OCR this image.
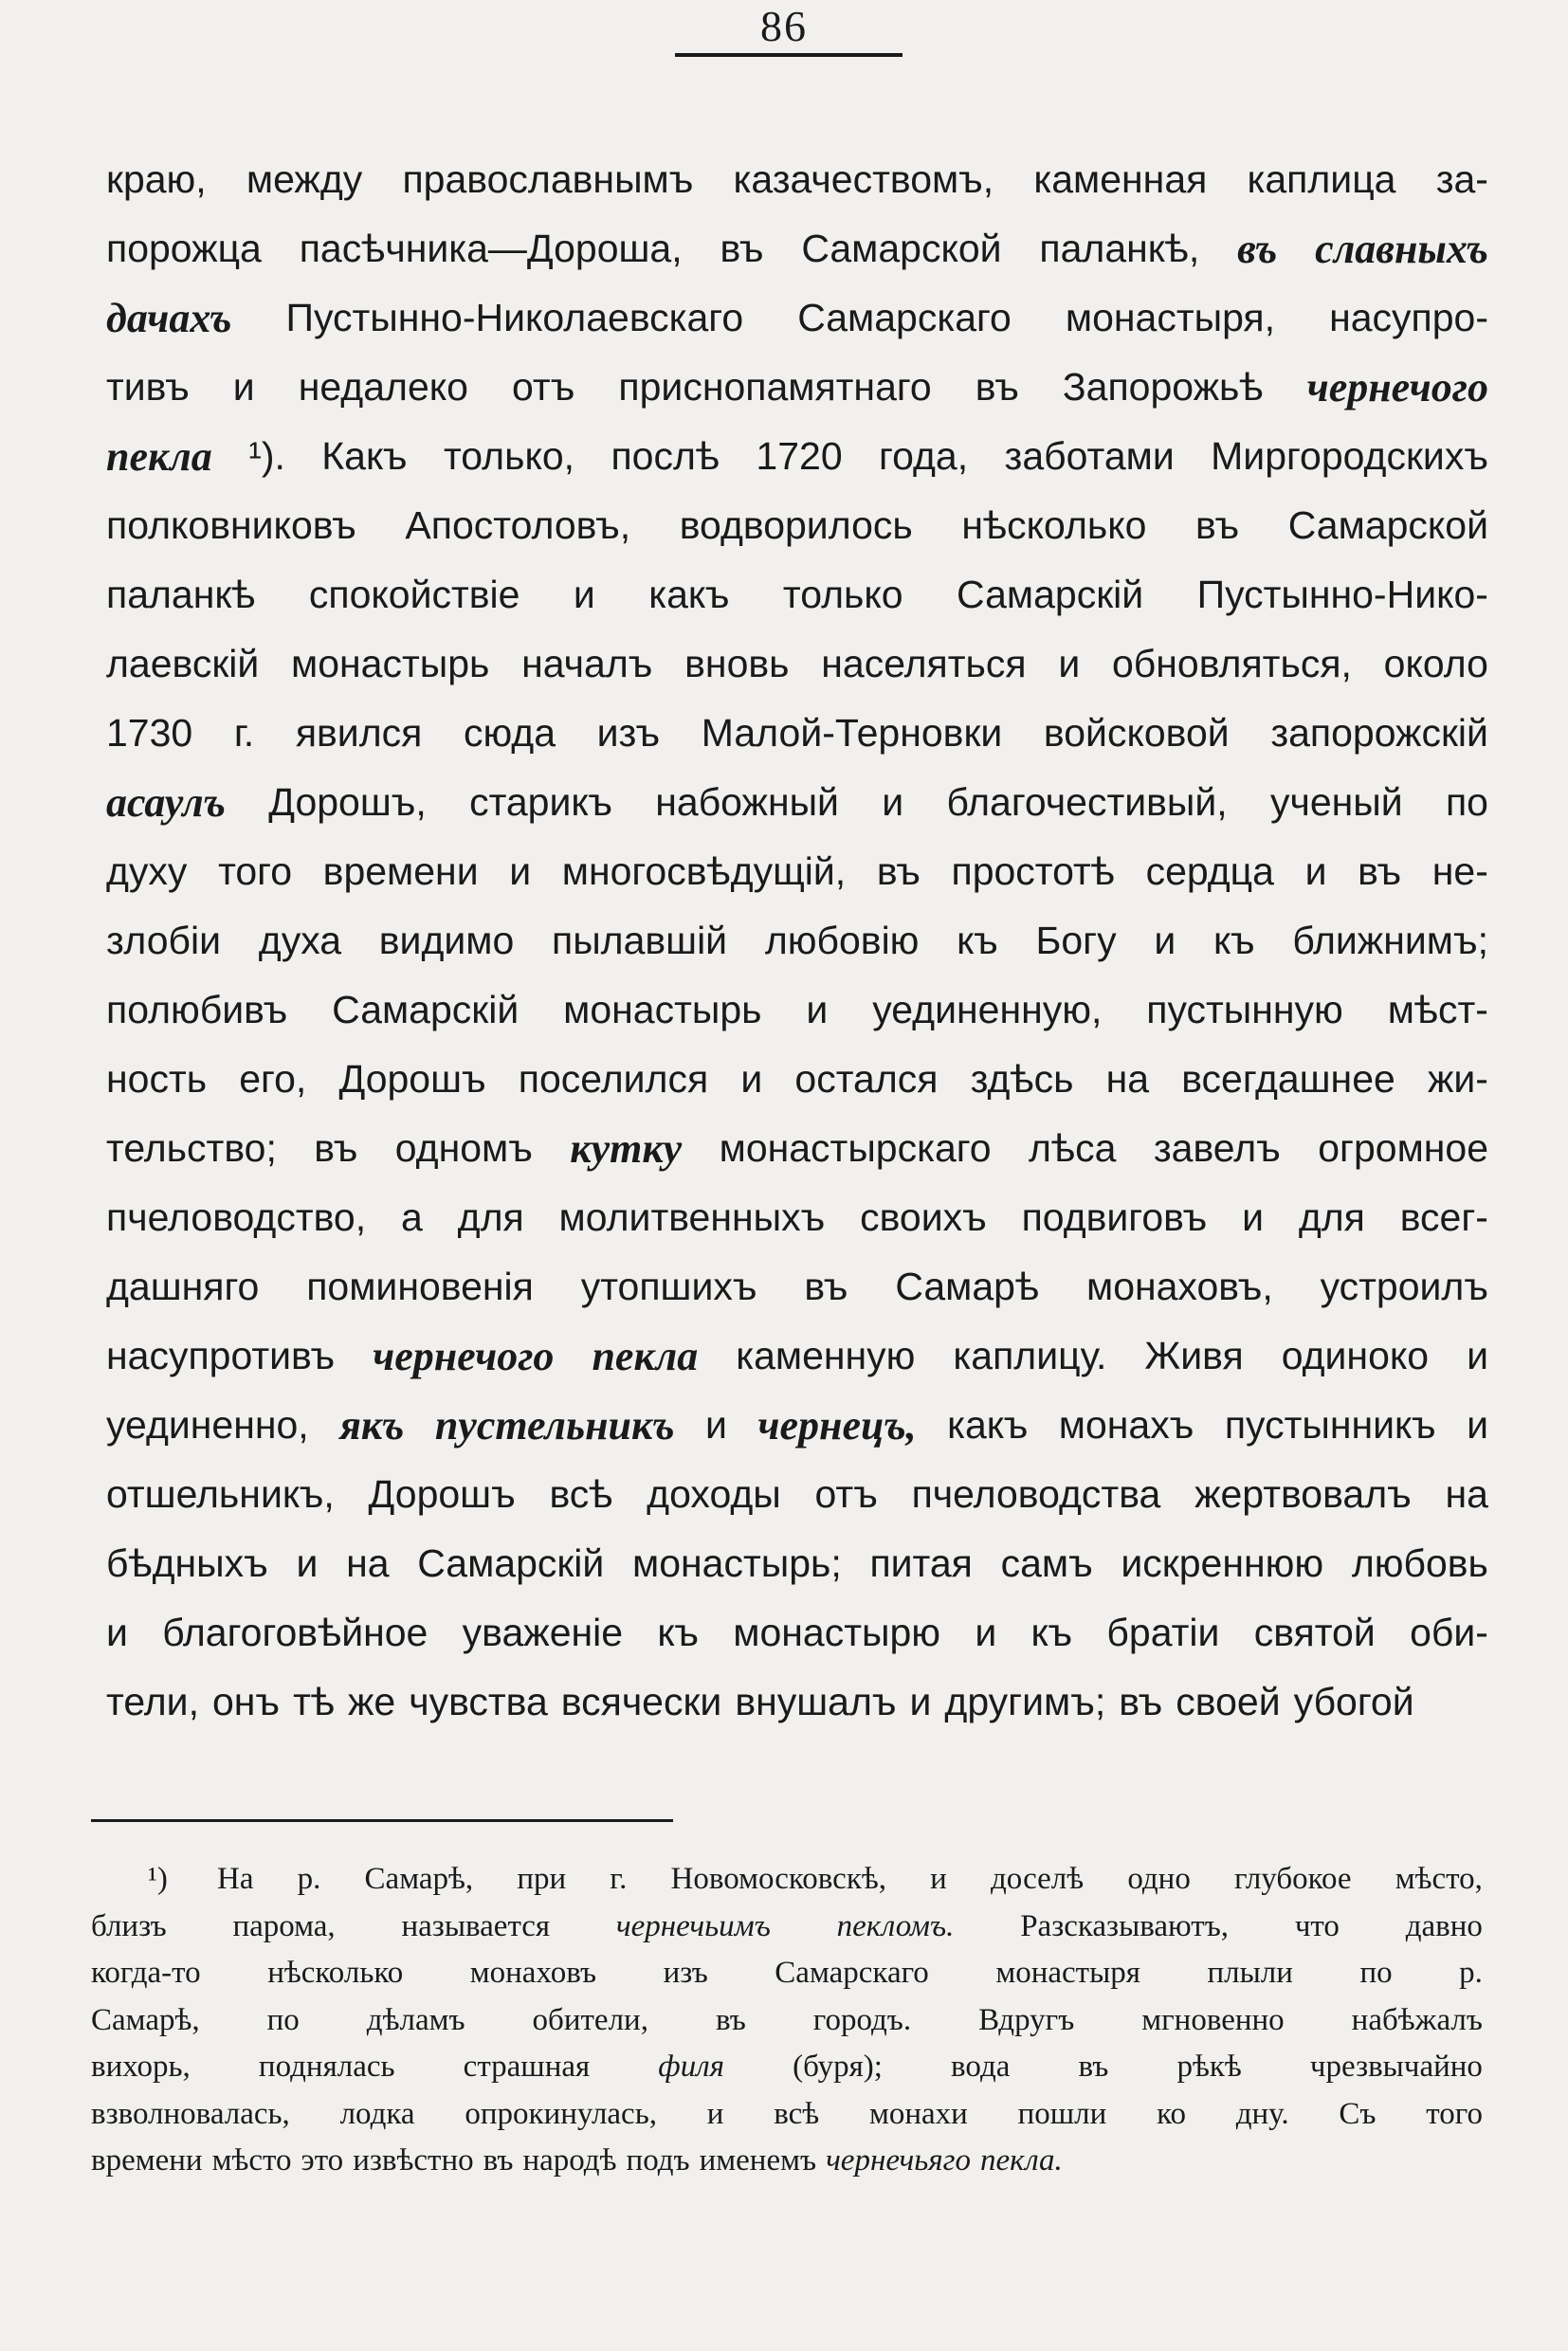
86
краю, между православнымъ казачествомъ, каменная каплица за-
порожца пасѣчника—Дороша, въ Самарской паланкѣ, въ славныхъ
дачахъ Пустынно-Николаевскаго Самарскаго монастыря, насупро-
тивъ и недалеко отъ приснопамятнаго въ Запорожьѣ чернечого
пекла ¹). Какъ только, послѣ 1720 года, заботами Миргородскихъ
полковниковъ Апостоловъ, водворилось нѣсколько въ Самарской
паланкѣ спокойствіе и какъ только Самарскій Пустынно-Нико-
лаевскій монастырь началъ вновь населяться и обновляться, около
1730 г. явился сюда изъ Малой-Терновки войсковой запорожскій
асаулъ Дорошъ, старикъ набожный и благочестивый, ученый по
духу того времени и многосвѣдущій, въ простотѣ сердца и въ не-
злобіи духа видимо пылавшій любовію къ Богу и къ ближнимъ;
полюбивъ Самарскій монастырь и уединенную, пустынную мѣст-
ность его, Дорошъ поселился и остался здѣсь на всегдашнее жи-
тельство; въ одномъ кутку монастырскаго лѣса завелъ огромное
пчеловодство, а для молитвенныхъ своихъ подвиговъ и для всег-
дашняго поминовенія утопшихъ въ Самарѣ монаховъ, устроилъ
насупротивъ чернечого пекла каменную каплицу. Живя одиноко и
уединенно, якъ пустельникъ и чернецъ, какъ монахъ пустынникъ и
отшельникъ, Дорошъ всѣ доходы отъ пчеловодства жертвовалъ на
бѣдныхъ и на Самарскій монастырь; питая самъ искреннюю любовь
и благоговѣйное уваженіе къ монастырю и къ братіи святой оби-
тели, онъ тѣ же чувства всячески внушалъ и другимъ; въ своей убогой
¹) На р. Самарѣ, при г. Новомосковскѣ, и доселѣ одно глубокое мѣсто,
близъ парома, называется чернечьимъ пекломъ. Разсказываютъ, что давно
когда-то нѣсколько монаховъ изъ Самарскаго монастыря плыли по р.
Самарѣ, по дѣламъ обители, въ городъ. Вдругъ мгновенно набѣжалъ
вихорь, поднялась страшная филя (буря); вода въ рѣкѣ чрезвычайно
взволновалась, лодка опрокинулась, и всѣ монахи пошли ко дну. Съ того
времени мѣсто это извѣстно въ народѣ подъ именемъ чернечьяго пекла.
